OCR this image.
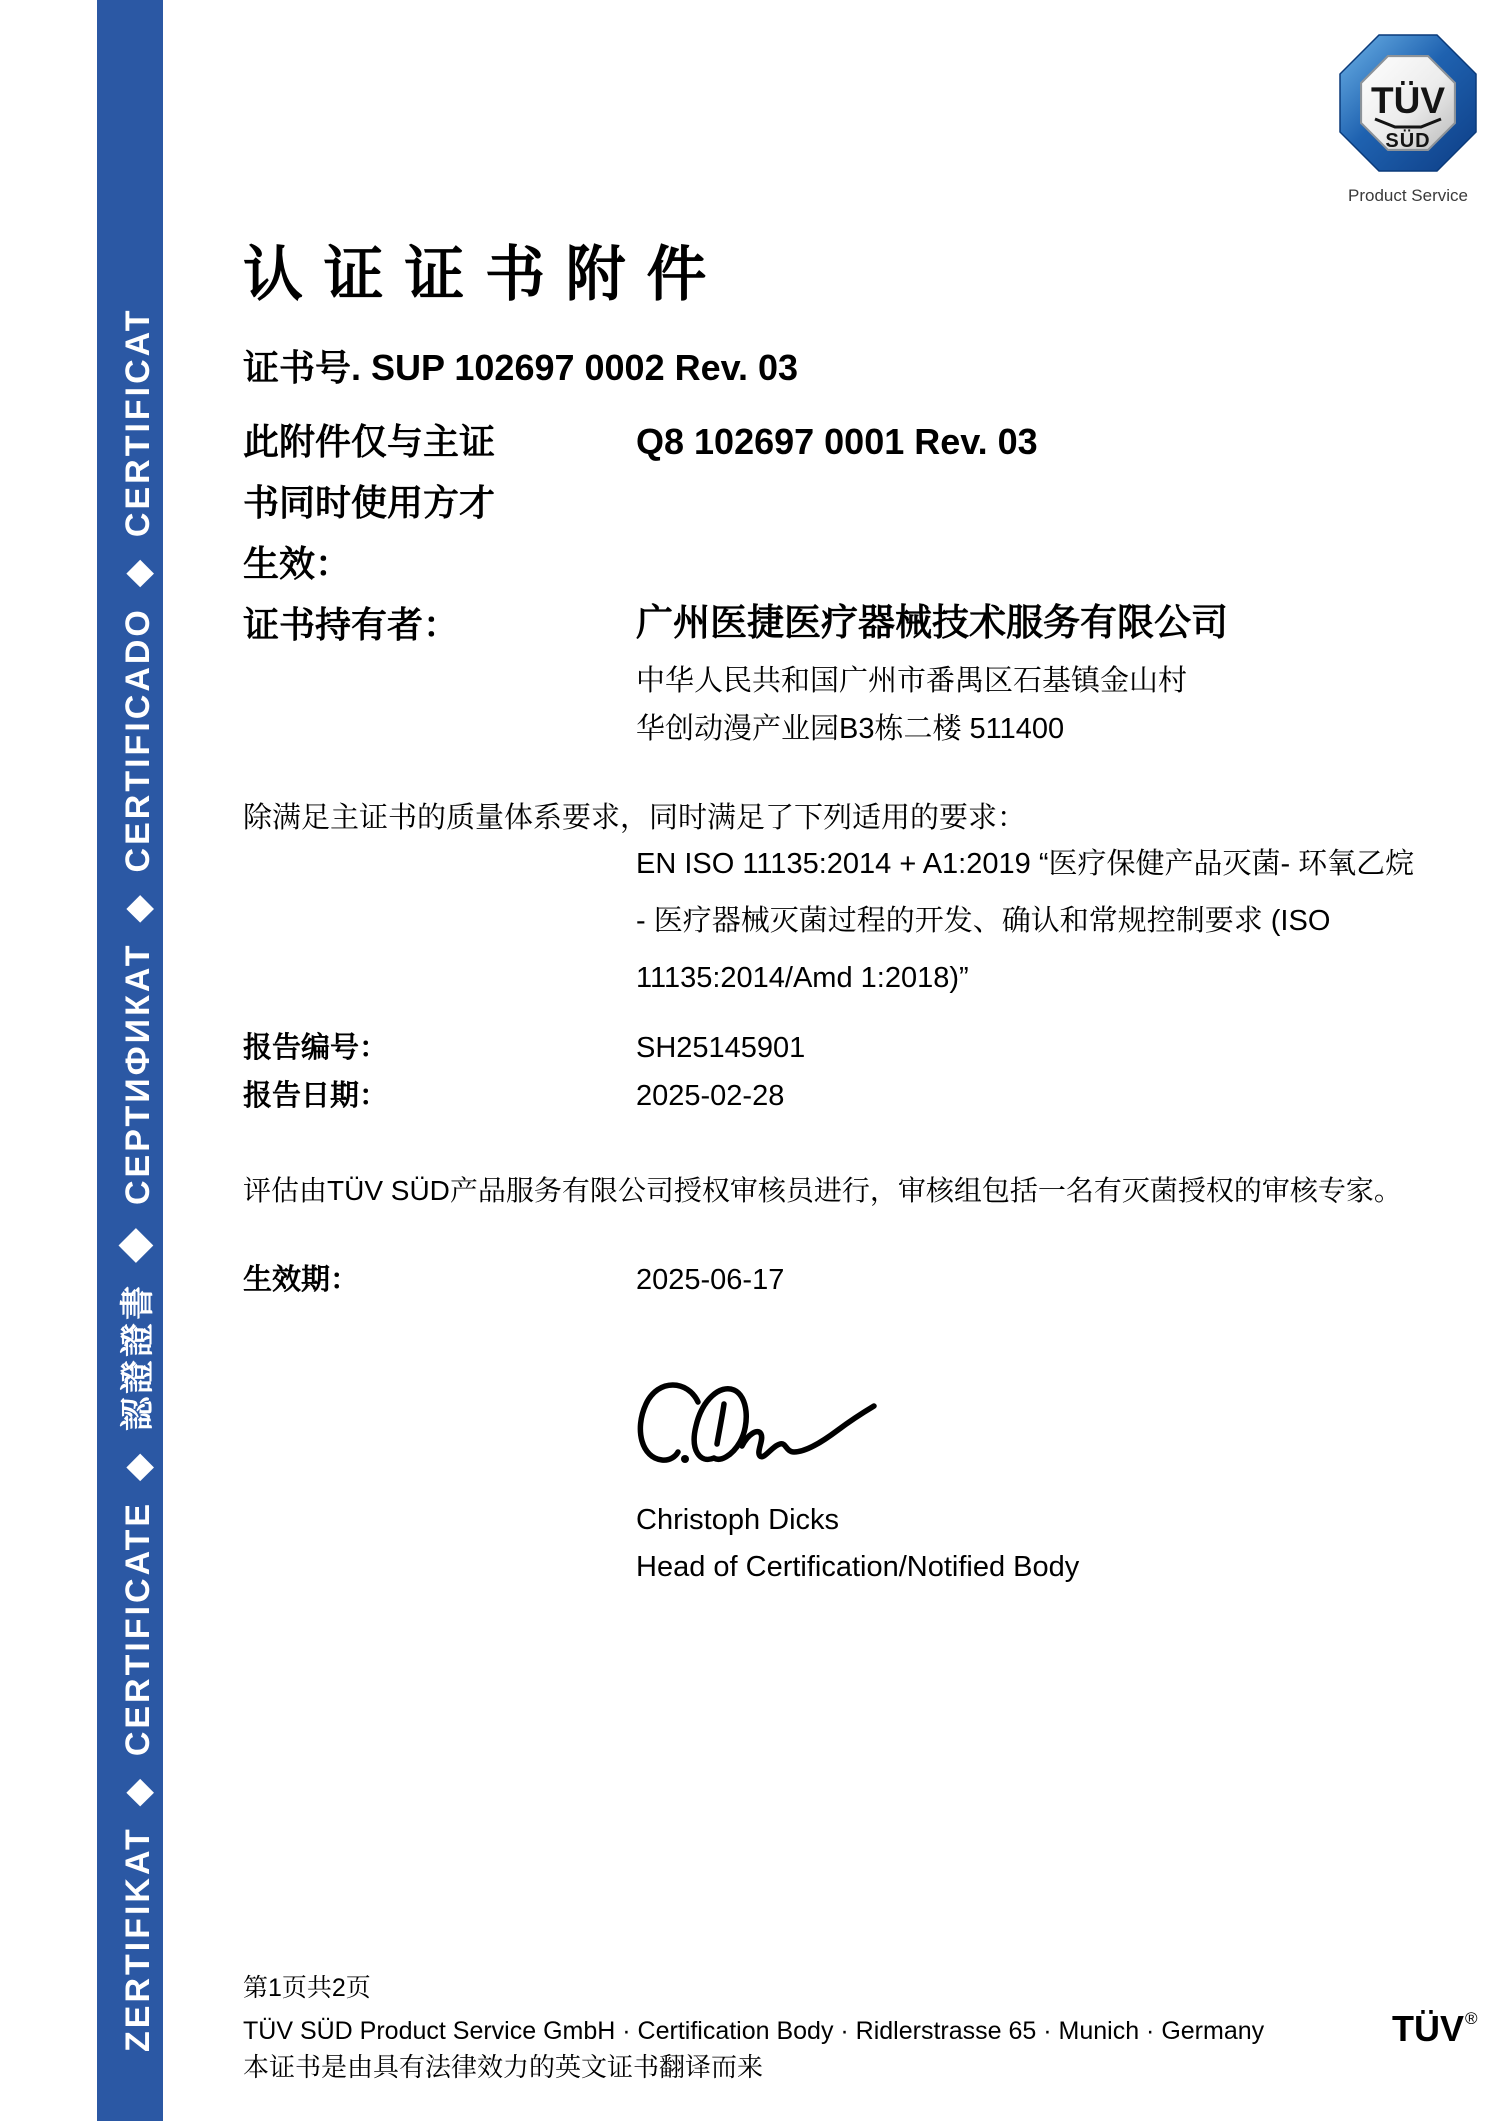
ZERTIFIKAT ◆ CERTIFICATE ◆ 認證證書 ◆ СЕРТИФИКАТ ◆ CERTIFICADO ◆ CERTIFICAT
TÜV
SÜD
Product Service
认 证 证 书 附 件
证书号. SUP 102697 0002 Rev. 03
此附件仅与主证	Q8 102697 0001 Rev. 03
书同时使用方才
生效：
证书持有者：	广州医捷医疗器械技术服务有限公司
中华人民共和国广州市番禺区石基镇金山村
华创动漫产业园B3栋二楼 511400
除满足主证书的质量体系要求，同时满足了下列适用的要求：
EN ISO 11135:2014 + A1:2019 “医疗保健产品灭菌- 环氧乙烷
- 医疗器械灭菌过程的开发、确认和常规控制要求 (ISO
11135:2014/Amd 1:2018)”
报告编号：	SH25145901
报告日期：	2025-02-28
评估由TÜV SÜD产品服务有限公司授权审核员进行，审核组包括一名有灭菌授权的审核专家。
生效期：	2025-06-17
Christoph Dicks
Head of Certification/Notified Body
第1页共2页
TÜV SÜD Product Service GmbH · Certification Body · Ridlerstrasse 65 · Munich · Germany
本证书是由具有法律效力的英文证书翻译而来
TÜV®
